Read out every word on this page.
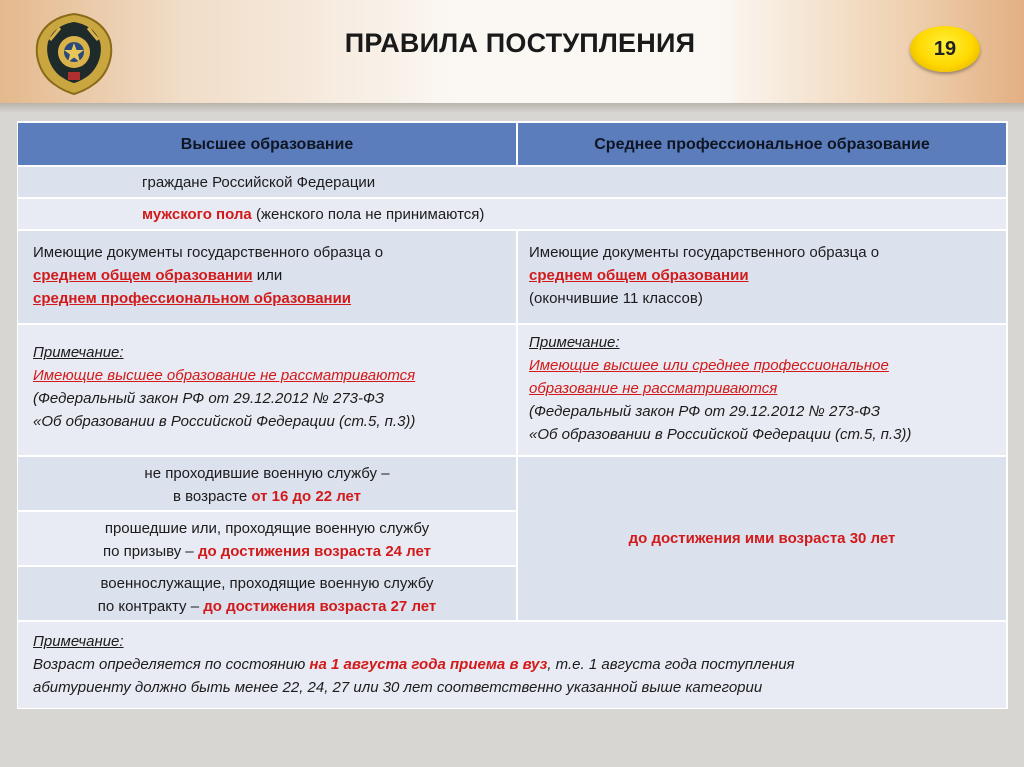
ПРАВИЛА ПОСТУПЛЕНИЯ	19
Высшее образование	Среднее профессиональное образование
граждане Российской Федерации
мужского пола (женского пола не принимаются)
Имеющие документы государственного образца о
среднем общем образовании или
среднем профессиональном образовании
Имеющие документы государственного образца о
среднем общем образовании
(окончившие 11 классов)
Примечание:
Имеющие высшее образование не рассматриваются
(Федеральный закон РФ от 29.12.2012 № 273-ФЗ
«Об образовании в Российской Федерации (ст.5, п.3))
Примечание:
Имеющие высшее или среднее профессиональное
образование не рассматриваются
(Федеральный закон РФ от 29.12.2012 № 273-ФЗ
«Об образовании в Российской Федерации (ст.5, п.3))
не проходившие военную службу –
в возрасте от 16 до 22 лет
прошедшие или, проходящие военную службу
по призыву – до достижения возраста 24 лет
военнослужащие, проходящие военную службу
по контракту – до достижения возраста 27 лет
до достижения ими возраста 30 лет
Примечание:
Возраст определяется по состоянию на 1 августа года приема в вуз, т.е. 1 августа года поступления
абитуриенту должно быть менее 22, 24, 27 или 30 лет соответственно указанной выше категории
